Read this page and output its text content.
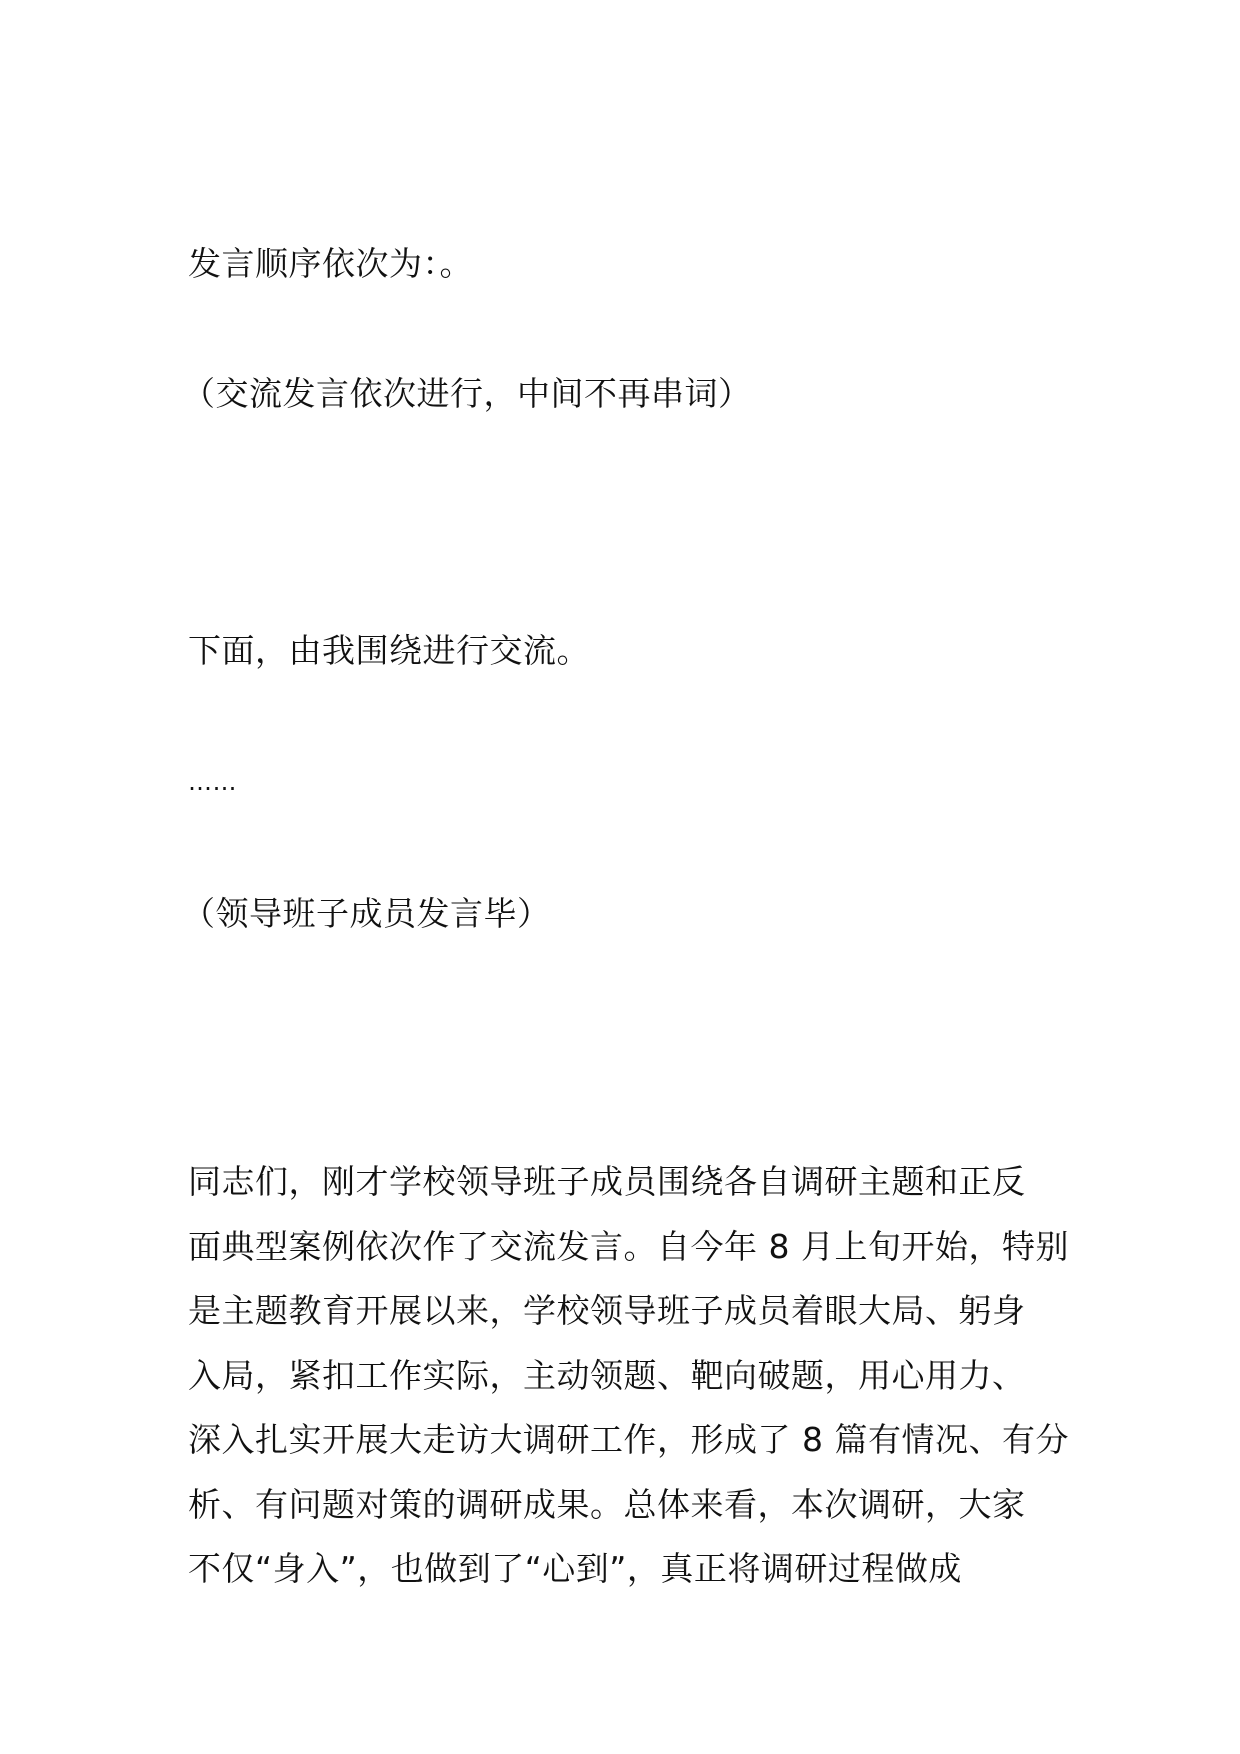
发言顺序依次为：。
（交流发言依次进行，中间不再串词）
下面，由我围绕进行交流。
……
（领导班子成员发言毕）
同志们，刚才学校领导班子成员围绕各自调研主题和正反
面典型案例依次作了交流发言。自今年 8 月上旬开始，特别
是主题教育开展以来，学校领导班子成员着眼大局、躬身
入局，紧扣工作实际，主动领题、靶向破题，用心用力、
深入扎实开展大走访大调研工作，形成了 8 篇有情况、有分
析、有问题对策的调研成果。总体来看，本次调研，大家
不仅“身入”，也做到了“心到”，真正将调研过程做成
